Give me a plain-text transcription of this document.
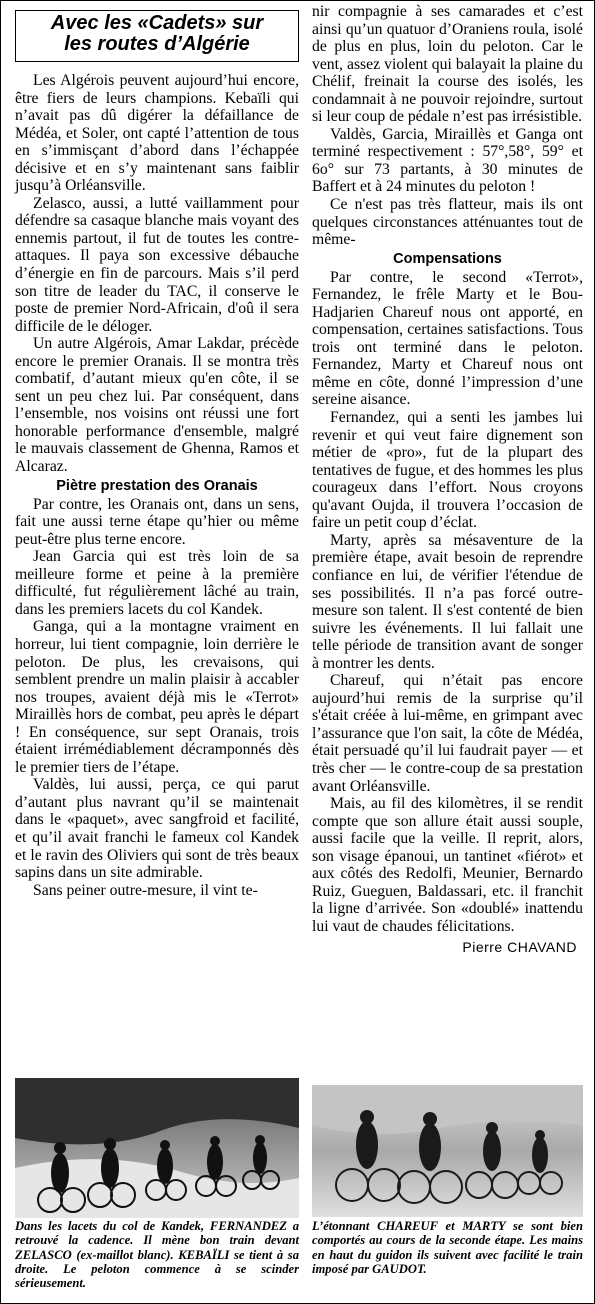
Avec les «Cadets» sur
les routes d’Algérie

Les Algérois peuvent aujourd’hui encore, être fiers de leurs champions. Kebaïli qui n’avait pas dû digérer la défaillance de Médéa, et Soler, ont capté l’attention de tous en s’immisçant d’abord dans l’échappée décisive et en s’y maintenant sans faiblir jusqu’à Orléansville.

Zelasco, aussi, a lutté vaillamment pour défendre sa casaque blanche mais voyant des ennemis partout, il fut de toutes les contre-attaques. Il paya son excessive débauche d’énergie en fin de parcours. Mais s’il perd son titre de leader du TAC, il conserve le poste de premier Nord-Africain, d'oû il sera difficile de le déloger.

Un autre Algérois, Amar Lakdar, précède encore le premier Oranais. Il se montra très combatif, d’autant mieux qu'en côte, il se sent un peu chez lui. Par conséquent, dans l’ensemble, nos voisins ont réussi une fort honorable performance d'ensemble, malgré le mauvais classement de Ghenna, Ramos et Alcaraz.

Piètre prestation des Oranais

Par contre, les Oranais ont, dans un sens, fait une aussi terne étape qu’hier ou même peut-être plus terne encore.

Jean Garcia qui est très loin de sa meilleure forme et peine à la première difficulté, fut régulièrement lâché au train, dans les premiers lacets du col Kandek.

Ganga, qui a la montagne vraiment en horreur, lui tient compagnie, loin derrière le peloton. De plus, les crevaisons, qui semblent prendre un malin plaisir à accabler nos troupes, avaient déjà mis le «Terrot» Miraillès hors de combat, peu après le départ ! En conséquence, sur sept Oranais, trois étaient irrémédiablement décramponnés dès le premier tiers de l’étape.

Valdès, lui aussi, perça, ce qui parut d’autant plus navrant qu’il se maintenait dans le «paquet», avec sangfroid et facilité, et qu’il avait franchi le fameux col Kandek et le ravin des Oliviers qui sont de très beaux sapins dans un site admirable.

Sans peiner outre-mesure, il vint te-

nir compagnie à ses camarades et c’est ainsi qu’un quatuor d’Oraniens roula, isolé de plus en plus, loin du peloton. Car le vent, assez violent qui balayait la plaine du Chélif, freinait la course des isolés, les condamnait à ne pouvoir rejoindre, surtout si leur coup de pédale n’est pas irrésistible.

Valdès, Garcia, Miraillès et Ganga ont terminé respectivement : 57°,58°, 59° et 6o° sur 73 partants, à 30 minutes de Baffert et à 24 minutes du peloton !

Ce n'est pas très flatteur, mais ils ont quelques circonstances atténuantes tout de même-

Compensations

Par contre, le second «Terrot», Fernandez, le frêle Marty et le Bou-Hadjarien Chareuf nous ont apporté, en compensation, certaines satisfactions. Tous trois ont terminé dans le peloton. Fernandez, Marty et Chareuf nous ont même en côte, donné l’impression d’une sereine aisance.

Fernandez, qui a senti les jambes lui revenir et qui veut faire dignement son métier de «pro», fut de la plupart des tentatives de fugue, et des hommes les plus courageux dans l’effort. Nous croyons qu'avant Oujda, il trouvera l’occasion de faire un petit coup d’éclat.

Marty, après sa mésaventure de la première étape, avait besoin de reprendre confiance en lui, de vérifier l'étendue de ses possibilités. Il n’a pas forcé outre-mesure son talent. Il s'est contenté de bien suivre les événements. Il lui fallait une telle période de transition avant de songer à montrer les dents.

Chareuf, qui n’était pas encore aujourd’hui remis de la surprise qu’il s'était créée à lui-même, en grimpant avec l’assurance que l'on sait, la côte de Médéa, était persuadé qu’il lui faudrait payer — et très cher — le contre-coup de sa prestation avant Orléansville.

Mais, au fil des kilomètres, il se rendit compte que son allure était aussi souple, aussi facile que la veille. Il reprit, alors, son visage épanoui, un tantinet «fiérot» et aux côtés des Redolfi, Meunier, Bernardo Ruiz, Gueguen, Baldassari, etc. il franchit la ligne d’arrivée. Son «doublé» inattendu lui vaut de chaudes félicitations.

Pierre CHAVAND

Dans les lacets du col de Kandek, FERNANDEZ a retrouvé la cadence. Il mène bon train devant ZELASCO (ex-maillot blanc). KEBAÏLI se tient à sa droite. Le peloton commence à se scinder sérieusement.
L’étonnant CHAREUF et MARTY se sont bien comportés au cours de la seconde étape. Les mains en haut du guidon ils suivent avec facilité le train imposé par GAUDOT.
